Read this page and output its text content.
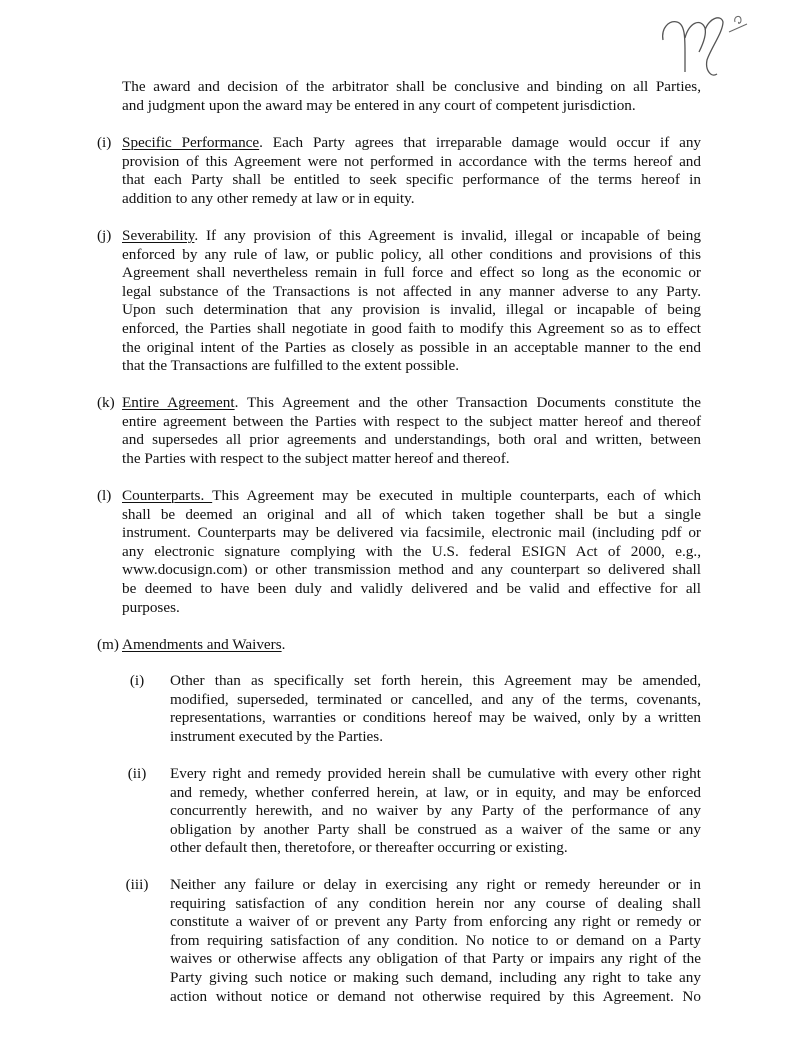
The award and decision of the arbitrator shall be conclusive and binding on all Parties,
and judgment upon the award may be entered in any court of competent jurisdiction.
(i) Specific Performance. Each Party agrees that irreparable damage would occur if any
provision of this Agreement were not performed in accordance with the terms hereof and
that each Party shall be entitled to seek specific performance of the terms hereof in
addition to any other remedy at law or in equity.
(j) Severability. If any provision of this Agreement is invalid, illegal or incapable of being
enforced by any rule of law, or public policy, all other conditions and provisions of this
Agreement shall nevertheless remain in full force and effect so long as the economic or
legal substance of the Transactions is not affected in any manner adverse to any Party.
Upon such determination that any provision is invalid, illegal or incapable of being
enforced, the Parties shall negotiate in good faith to modify this Agreement so as to effect
the original intent of the Parties as closely as possible in an acceptable manner to the end
that the Transactions are fulfilled to the extent possible.
(k) Entire Agreement. This Agreement and the other Transaction Documents constitute the
entire agreement between the Parties with respect to the subject matter hereof and thereof
and supersedes all prior agreements and understandings, both oral and written, between
the Parties with respect to the subject matter hereof and thereof.
(l) Counterparts. This Agreement may be executed in multiple counterparts, each of which
shall be deemed an original and all of which taken together shall be but a single
instrument. Counterparts may be delivered via facsimile, electronic mail (including pdf or
any electronic signature complying with the U.S. federal ESIGN Act of 2000, e.g.,
www.docusign.com) or other transmission method and any counterpart so delivered shall
be deemed to have been duly and validly delivered and be valid and effective for all
purposes.
(m) Amendments and Waivers.
(i)	Other than as specifically set forth herein, this Agreement may be amended,
modified, superseded, terminated or cancelled, and any of the terms, covenants,
representations, warranties or conditions hereof may be waived, only by a written
instrument executed by the Parties.
(ii)	Every right and remedy provided herein shall be cumulative with every other right
and remedy, whether conferred herein, at law, or in equity, and may be enforced
concurrently herewith, and no waiver by any Party of the performance of any
obligation by another Party shall be construed as a waiver of the same or any
other default then, theretofore, or thereafter occurring or existing.
(iii)	Neither any failure or delay in exercising any right or remedy hereunder or in
requiring satisfaction of any condition herein nor any course of dealing shall
constitute a waiver of or prevent any Party from enforcing any right or remedy or
from requiring satisfaction of any condition. No notice to or demand on a Party
waives or otherwise affects any obligation of that Party or impairs any right of the
Party giving such notice or making such demand, including any right to take any
action without notice or demand not otherwise required by this Agreement. No
